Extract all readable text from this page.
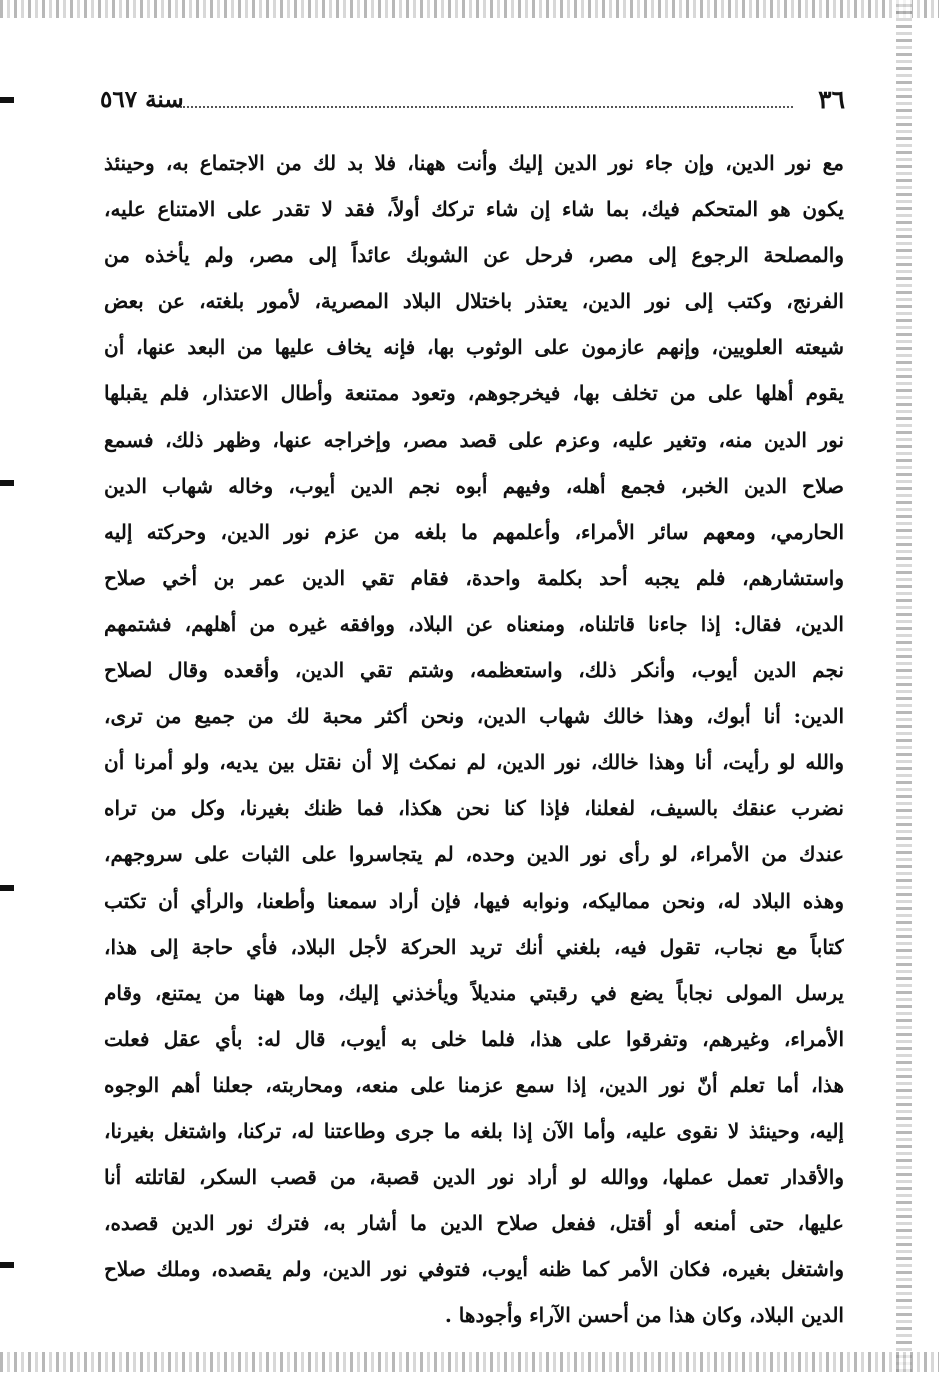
٣٦
سنة ٥٦٧
مع نور الدين، وإن جاء نور الدين إليك وأنت ههنا، فلا بد لك من الاجتماع به، وحينئذ
يكون هو المتحكم فيك، بما شاء إن شاء تركك أولاً، فقد لا تقدر على الامتناع عليه،
والمصلحة الرجوع إلى مصر، فرحل عن الشوبك عائداً إلى مصر، ولم يأخذه من
الفرنج، وكتب إلى نور الدين، يعتذر باختلال البلاد المصرية، لأمور بلغته، عن بعض
شيعته العلويين، وإنهم عازمون على الوثوب بها، فإنه يخاف عليها من البعد عنها، أن
يقوم أهلها على من تخلف بها، فيخرجوهم، وتعود ممتنعة وأطال الاعتذار، فلم يقبلها
نور الدين منه، وتغير عليه، وعزم على قصد مصر، وإخراجه عنها، وظهر ذلك، فسمع
صلاح الدين الخبر، فجمع أهله، وفيهم أبوه نجم الدين أيوب، وخاله شهاب الدين
الحارمي، ومعهم سائر الأمراء، وأعلمهم ما بلغه من عزم نور الدين، وحركته إليه
واستشارهم، فلم يجبه أحد بكلمة واحدة، فقام تقي الدين عمر بن أخي صلاح
الدين، فقال: إذا جاءنا قاتلناه، ومنعناه عن البلاد، ووافقه غيره من أهلهم، فشتمهم
نجم الدين أيوب، وأنكر ذلك، واستعظمه، وشتم تقي الدين، وأقعده وقال لصلاح
الدين: أنا أبوك، وهذا خالك شهاب الدين، ونحن أكثر محبة لك من جميع من ترى،
والله لو رأيت، أنا وهذا خالك، نور الدين، لم نمكث إلا أن نقتل بين يديه، ولو أمرنا أن
نضرب عنقك بالسيف، لفعلنا، فإذا كنا نحن هكذا، فما ظنك بغيرنا، وكل من تراه
عندك من الأمراء، لو رأى نور الدين وحده، لم يتجاسروا على الثبات على سروجهم،
وهذه البلاد له، ونحن مماليكه، ونوابه فيها، فإن أراد سمعنا وأطعنا، والرأي أن تكتب
كتاباً مع نجاب، تقول فيه، بلغني أنك تريد الحركة لأجل البلاد، فأي حاجة إلى هذا،
يرسل المولى نجاباً يضع في رقبتي منديلاً ويأخذني إليك، وما ههنا من يمتنع، وقام
الأمراء، وغيرهم، وتفرقوا على هذا، فلما خلى به أيوب، قال له: بأي عقل فعلت
هذا، أما تعلم أنّ نور الدين، إذا سمع عزمنا على منعه، ومحاربته، جعلنا أهم الوجوه
إليه، وحينئذ لا نقوى عليه، وأما الآن إذا بلغه ما جرى وطاعتنا له، تركنا، واشتغل بغيرنا،
والأقدار تعمل عملها، ووالله لو أراد نور الدين قصبة، من قصب السكر، لقاتلته أنا
عليها، حتى أمنعه أو أقتل، ففعل صلاح الدين ما أشار به، فترك نور الدين قصده،
واشتغل بغيره، فكان الأمر كما ظنه أيوب، فتوفي نور الدين، ولم يقصده، وملك صلاح
الدين البلاد، وكان هذا من أحسن الآراء وأجودها .
